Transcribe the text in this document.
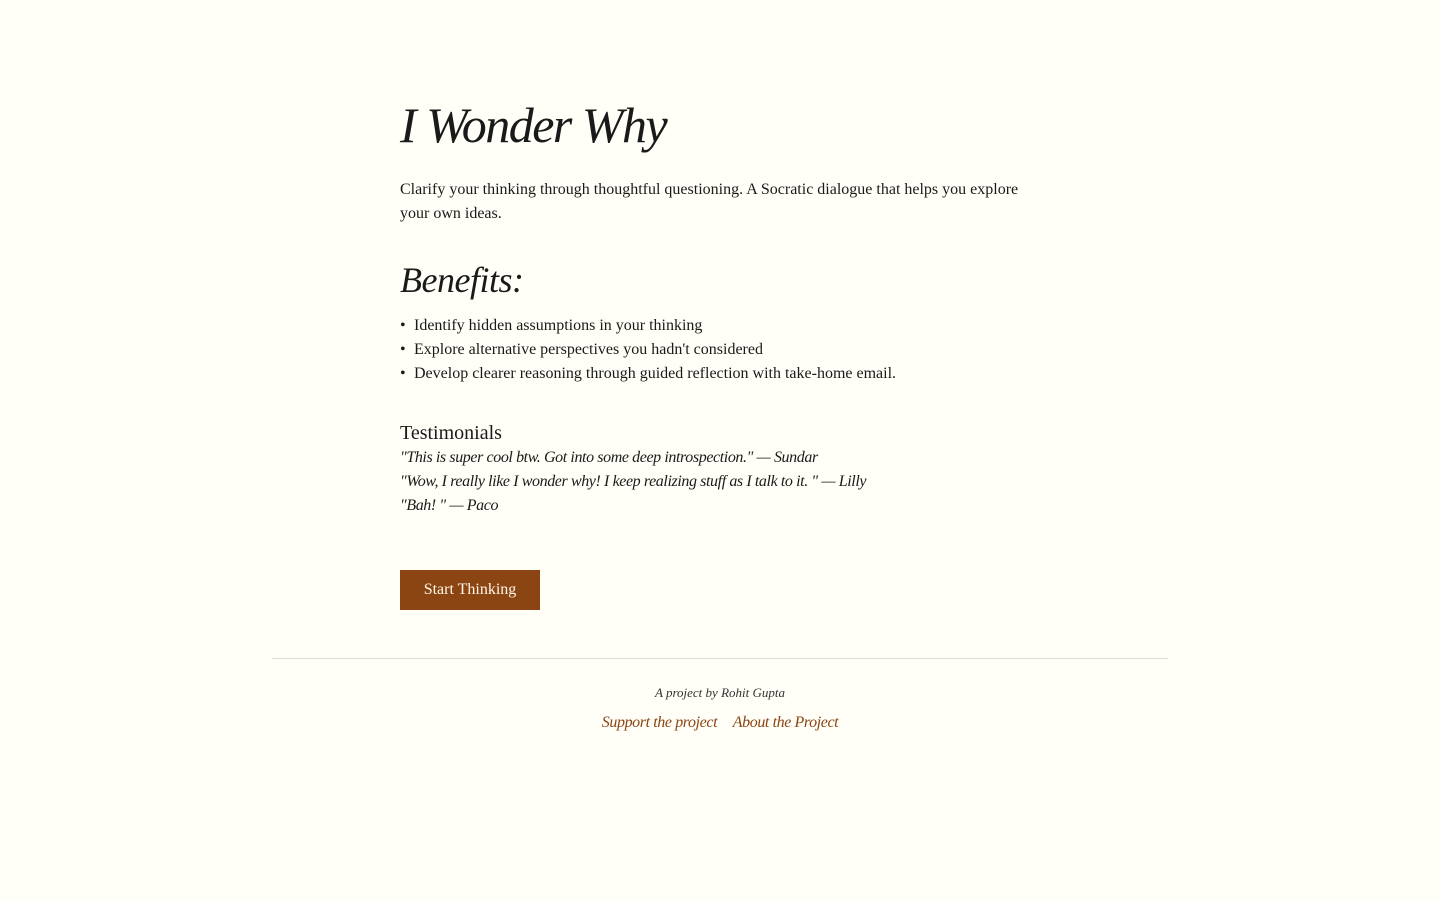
I Wonder Why

Clarify your thinking through thoughtful questioning. A Socratic dialogue that helps you explore your own ideas.

Benefits:
• Identify hidden assumptions in your thinking
• Explore alternative perspectives you hadn't considered
• Develop clearer reasoning through guided reflection with take-home email.
Testimonials
"This is super cool btw. Got into some deep introspection." — Sundar
"Wow, I really like I wonder why! I keep realizing stuff as I talk to it. " — Lilly
"Bah! " — Paco
Start Thinking
A project by Rohit Gupta
Support the project About the Project
